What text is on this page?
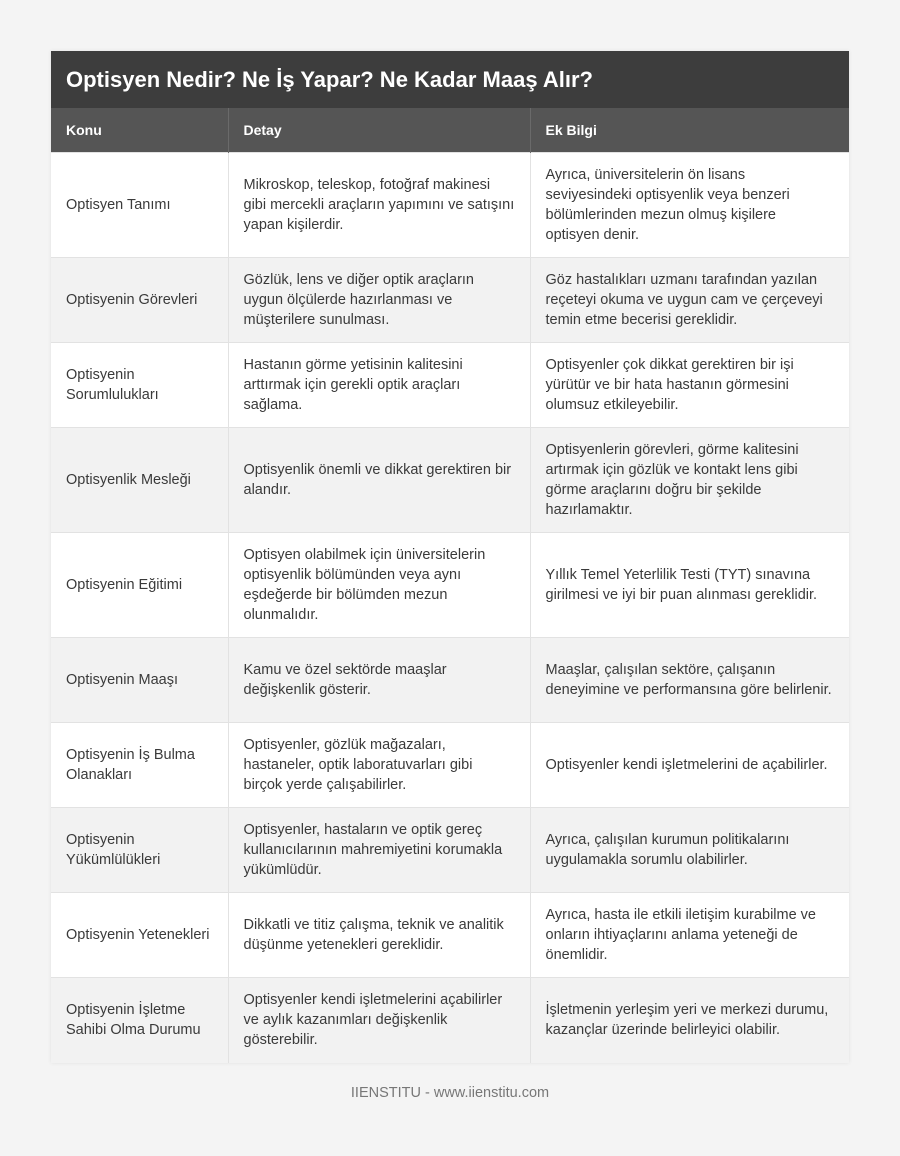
Optisyen Nedir? Ne İş Yapar? Ne Kadar Maaş Alır?
Konu	Detay	Ek Bilgi
Optisyen Tanımı	Mikroskop, teleskop, fotoğraf makinesi gibi mercekli araçların yapımını ve satışını yapan kişilerdir.	Ayrıca, üniversitelerin ön lisans seviyesindeki optisyenlik veya benzeri bölümlerinden mezun olmuş kişilere optisyen denir.
Optisyenin Görevleri	Gözlük, lens ve diğer optik araçların uygun ölçülerde hazırlanması ve müşterilere sunulması.	Göz hastalıkları uzmanı tarafından yazılan reçeteyi okuma ve uygun cam ve çerçeveyi temin etme becerisi gereklidir.
Optisyenin Sorumlulukları	Hastanın görme yetisinin kalitesini arttırmak için gerekli optik araçları sağlama.	Optisyenler çok dikkat gerektiren bir işi yürütür ve bir hata hastanın görmesini olumsuz etkileyebilir.
Optisyenlik Mesleği	Optisyenlik önemli ve dikkat gerektiren bir alandır.	Optisyenlerin görevleri, görme kalitesini artırmak için gözlük ve kontakt lens gibi görme araçlarını doğru bir şekilde hazırlamaktır.
Optisyenin Eğitimi	Optisyen olabilmek için üniversitelerin optisyenlik bölümünden veya aynı eşdeğerde bir bölümden mezun olunmalıdır.	Yıllık Temel Yeterlilik Testi (TYT) sınavına girilmesi ve iyi bir puan alınması gereklidir.
Optisyenin Maaşı	Kamu ve özel sektörde maaşlar değişkenlik gösterir.	Maaşlar, çalışılan sektöre, çalışanın deneyimine ve performansına göre belirlenir.
Optisyenin İş Bulma Olanakları	Optisyenler, gözlük mağazaları, hastaneler, optik laboratuvarları gibi birçok yerde çalışabilirler.	Optisyenler kendi işletmelerini de açabilirler.
Optisyenin Yükümlülükleri	Optisyenler, hastaların ve optik gereç kullanıcılarının mahremiyetini korumakla yükümlüdür.	Ayrıca, çalışılan kurumun politikalarını uygulamakla sorumlu olabilirler.
Optisyenin Yetenekleri	Dikkatli ve titiz çalışma, teknik ve analitik düşünme yetenekleri gereklidir.	Ayrıca, hasta ile etkili iletişim kurabilme ve onların ihtiyaçlarını anlama yeteneği de önemlidir.
Optisyenin İşletme Sahibi Olma Durumu	Optisyenler kendi işletmelerini açabilirler ve aylık kazanımları değişkenlik gösterebilir.	İşletmenin yerleşim yeri ve merkezi durumu, kazançlar üzerinde belirleyici olabilir.
IIENSTITU - www.iienstitu.com
